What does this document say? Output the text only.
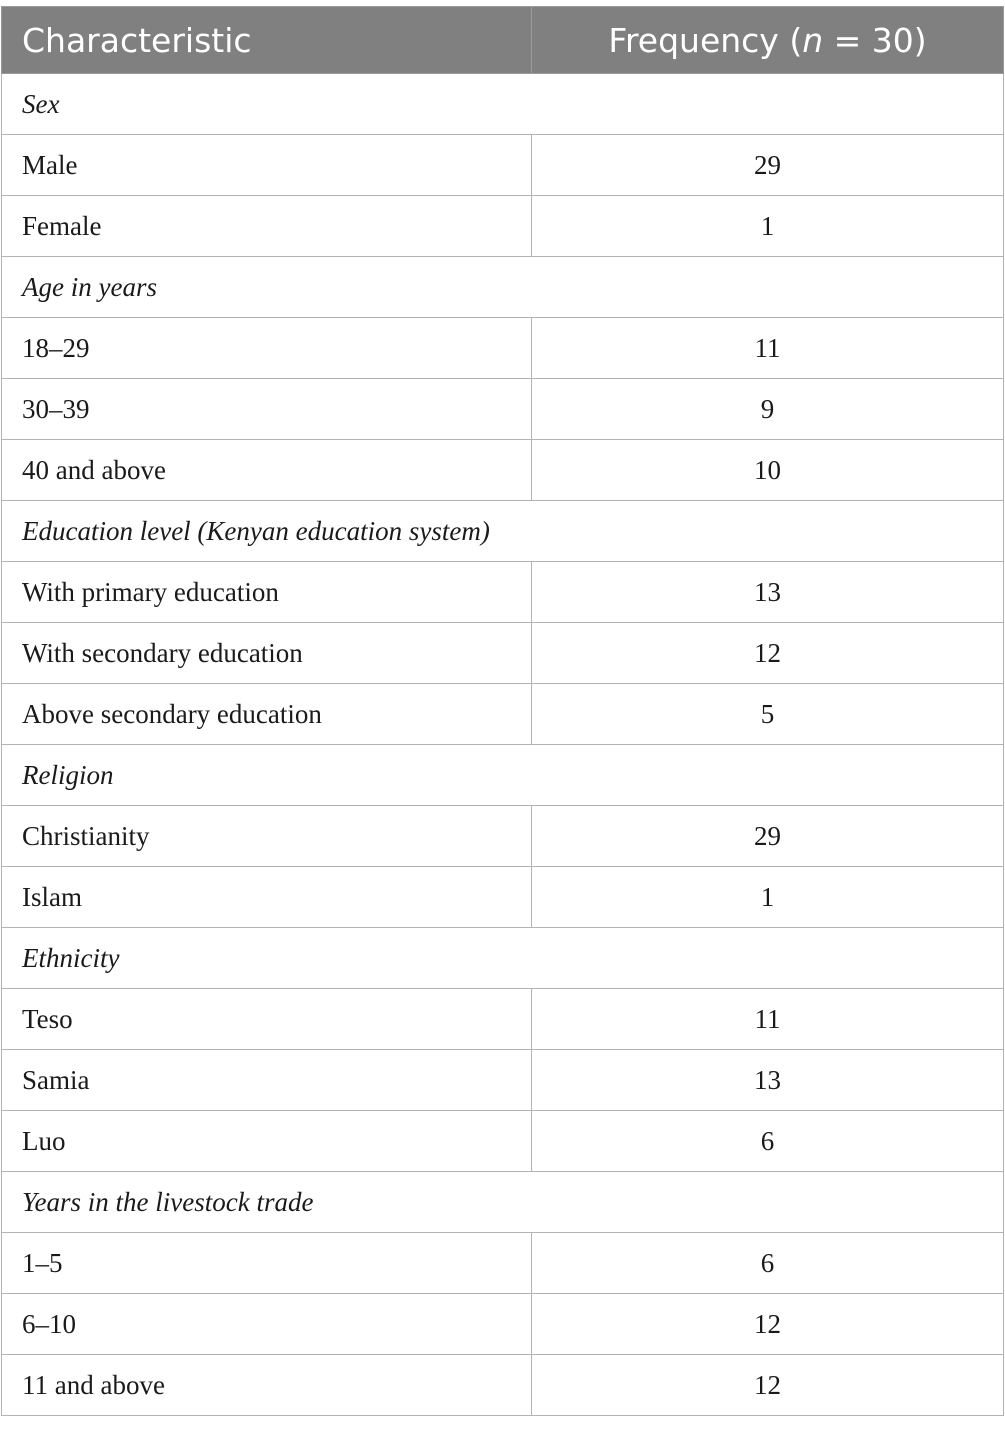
Characteristic	Frequency (n = 30)
Sex	
Male	29
Female	1
Age in years	
18–29	11
30–39	9
40 and above	10
Education level (Kenyan education system)	
With primary education	13
With secondary education	12
Above secondary education	5
Religion	
Christianity	29
Islam	1
Ethnicity	
Teso	11
Samia	13
Luo	6
Years in the livestock trade	
1–5	6
6–10	12
11 and above	12
